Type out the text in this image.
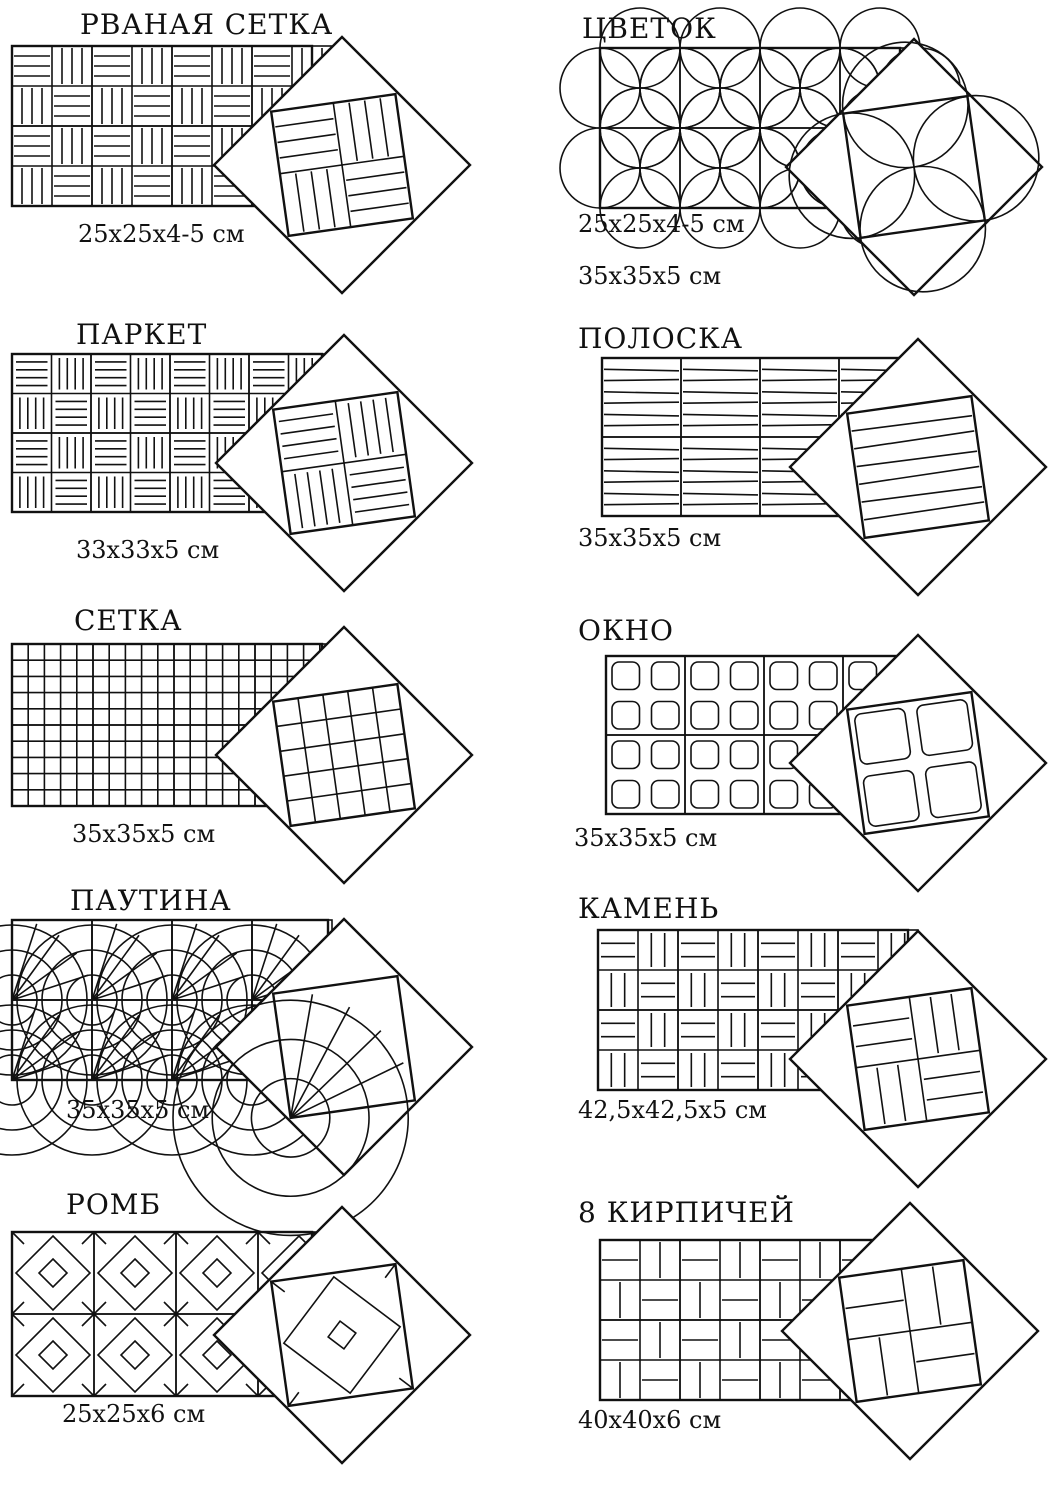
РВАНАЯ СЕТКА
25x25x4-5 см
ПАРКЕТ
33x33x5 см
СЕТКА
35x35x5 см
ПАУТИНА
35x35x5 см
РОМБ
25x25x6 см
ЦВЕТОК
25x25x4-5 см
35x35x5 см
ПОЛОСКА
35x35x5 см
ОКНО
35x35x5 см
КАМЕНЬ
42,5x42,5x5 см
8 КИРПИЧЕЙ
40x40x6 см
